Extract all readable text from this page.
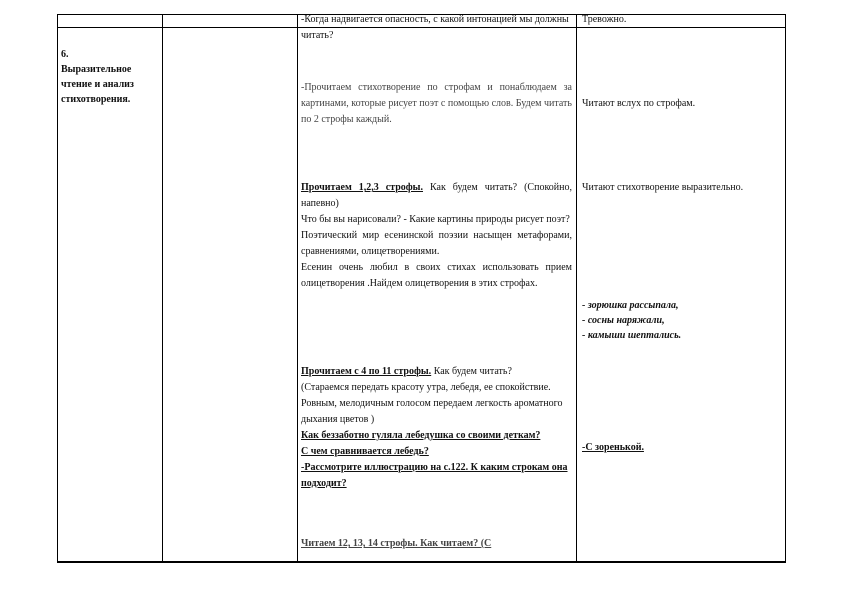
6.
Выразительное чтение и анализ стихотворения.

-Когда надвигается опасность, с какой интонацией мы должны читать?

-Прочитаем стихотворение по строфам и понаблюдаем за картинами, которые рисует поэт с помощью слов. Будем читать по 2 строфы каждый.

Прочитаем 1,2,3 строфы. Как будем читать? (Спокойно, напевно)

Что бы вы нарисовали? - Какие картины природы рисует поэт?

Поэтический мир есенинской поэзии насыщен метафорами, сравнениями, олицетворениями.

Есенин очень любил в своих стихах использовать прием олицетворения .Найдем олицетворения в этих строфах.

Прочитаем с 4 по 11 строфы. Как будем читать?

(Стараемся передать красоту утра, лебедя, ее спокойствие. Ровным, мелодичным голосом передаем легкость ароматного дыхания цветов )

Как беззаботно гуляла лебедушка со своими деткам?

С чем сравнивается лебедь?

-Рассмотрите иллюстрацию на с.122. К каким строкам она подходит?

Читаем 12, 13, 14 строфы. Как читаем? (С

Тревожно.

Читают вслух по строфам.

Читают стихотворение выразительно.

- зорюшка рассыпала,

- сосны наряжали,

- камыши шептались.

-С зоренькой.
